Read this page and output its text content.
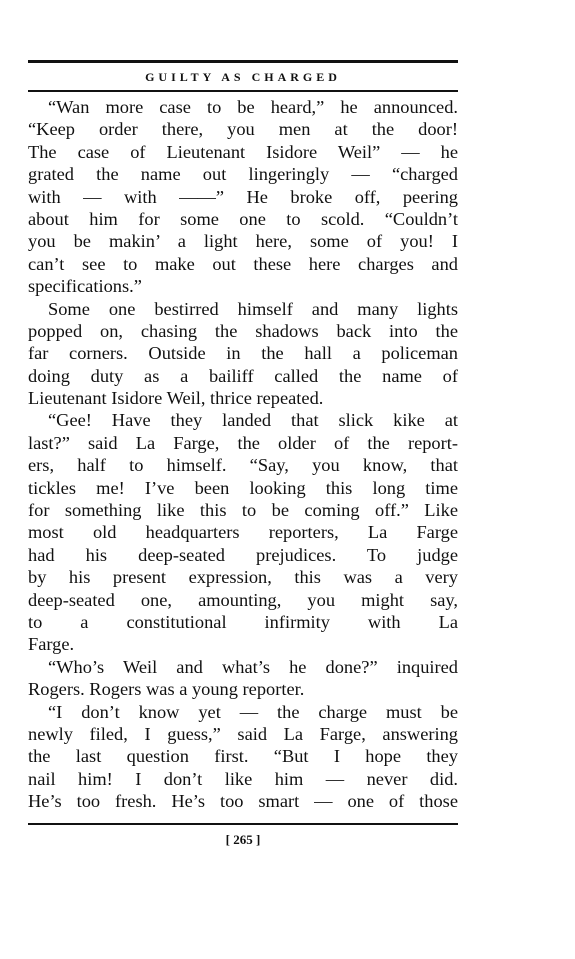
GUILTY AS CHARGED
“Wan more case to be heard,” he announced.
“Keep order there, you men at the door!
The case of Lieutenant Isidore Weil” — he
grated the name out lingeringly — “charged
with — with ——” He broke off, peering
about him for some one to scold. “Couldn’t
you be makin’ a light here, some of you! I
can’t see to make out these here charges and
specifications.”
Some one bestirred himself and many lights
popped on, chasing the shadows back into the
far corners. Outside in the hall a policeman
doing duty as a bailiff called the name of
Lieutenant Isidore Weil, thrice repeated.
“Gee! Have they landed that slick kike at
last?” said La Farge, the older of the report-
ers, half to himself. “Say, you know, that
tickles me! I’ve been looking this long time
for something like this to be coming off.” Like
most old headquarters reporters, La Farge
had his deep-seated prejudices. To judge
by his present expression, this was a very
deep-seated one, amounting, you might say,
to a constitutional infirmity with La
Farge.
“Who’s Weil and what’s he done?” inquired
Rogers. Rogers was a young reporter.
“I don’t know yet — the charge must be
newly filed, I guess,” said La Farge, answering
the last question first. “But I hope they
nail him! I don’t like him — never did.
He’s too fresh. He’s too smart — one of those
[ 265 ]
